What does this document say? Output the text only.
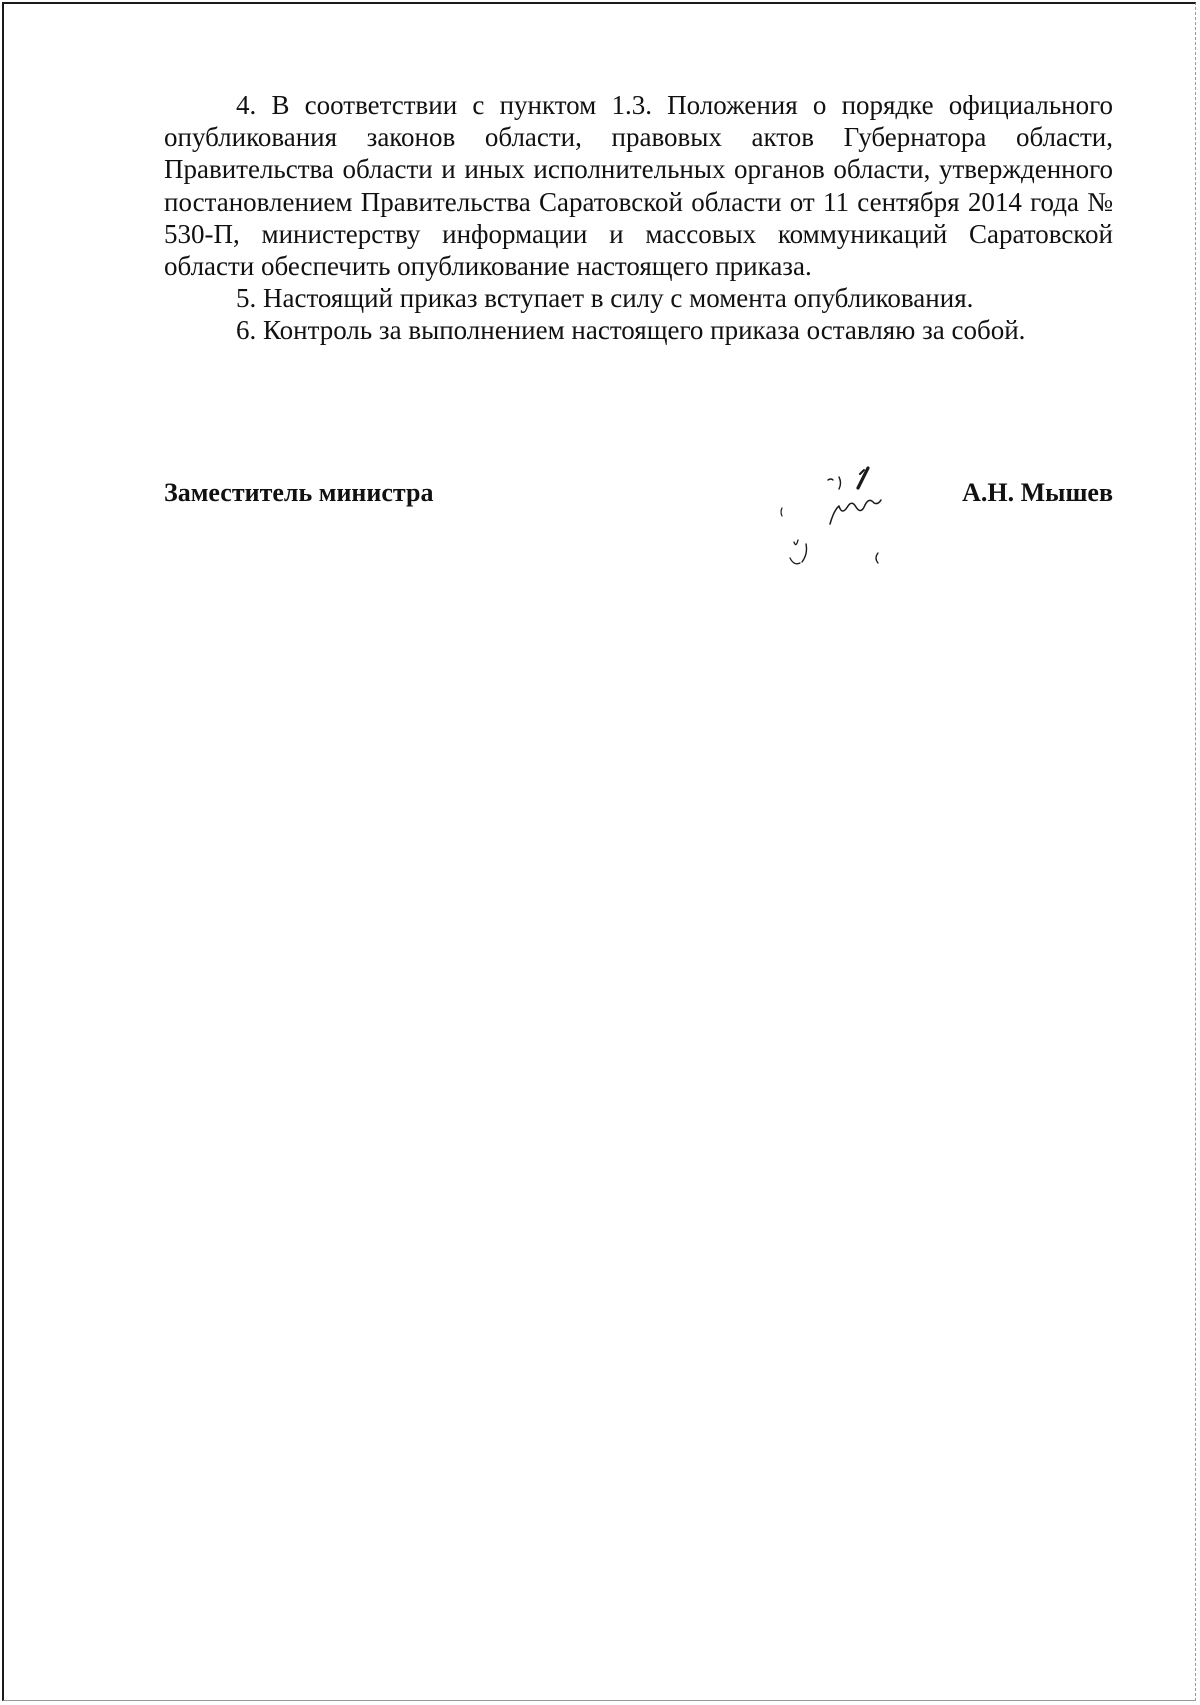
4. В соответствии с пунктом 1.3. Положения о порядке официального опубликования законов области, правовых актов Губернатора области, Правительства области и иных исполнительных органов области, утвержденного постановлением Правительства Саратовской области от 11 сентября 2014 года № 530-П, министерству информации и массовых коммуникаций Саратовской области обеспечить опубликование настоящего приказа.

5. Настоящий приказ вступает в силу с момента опубликования.

6. Контроль за выполнением настоящего приказа оставляю за собой.

Заместитель министра	А.Н. Мышев
